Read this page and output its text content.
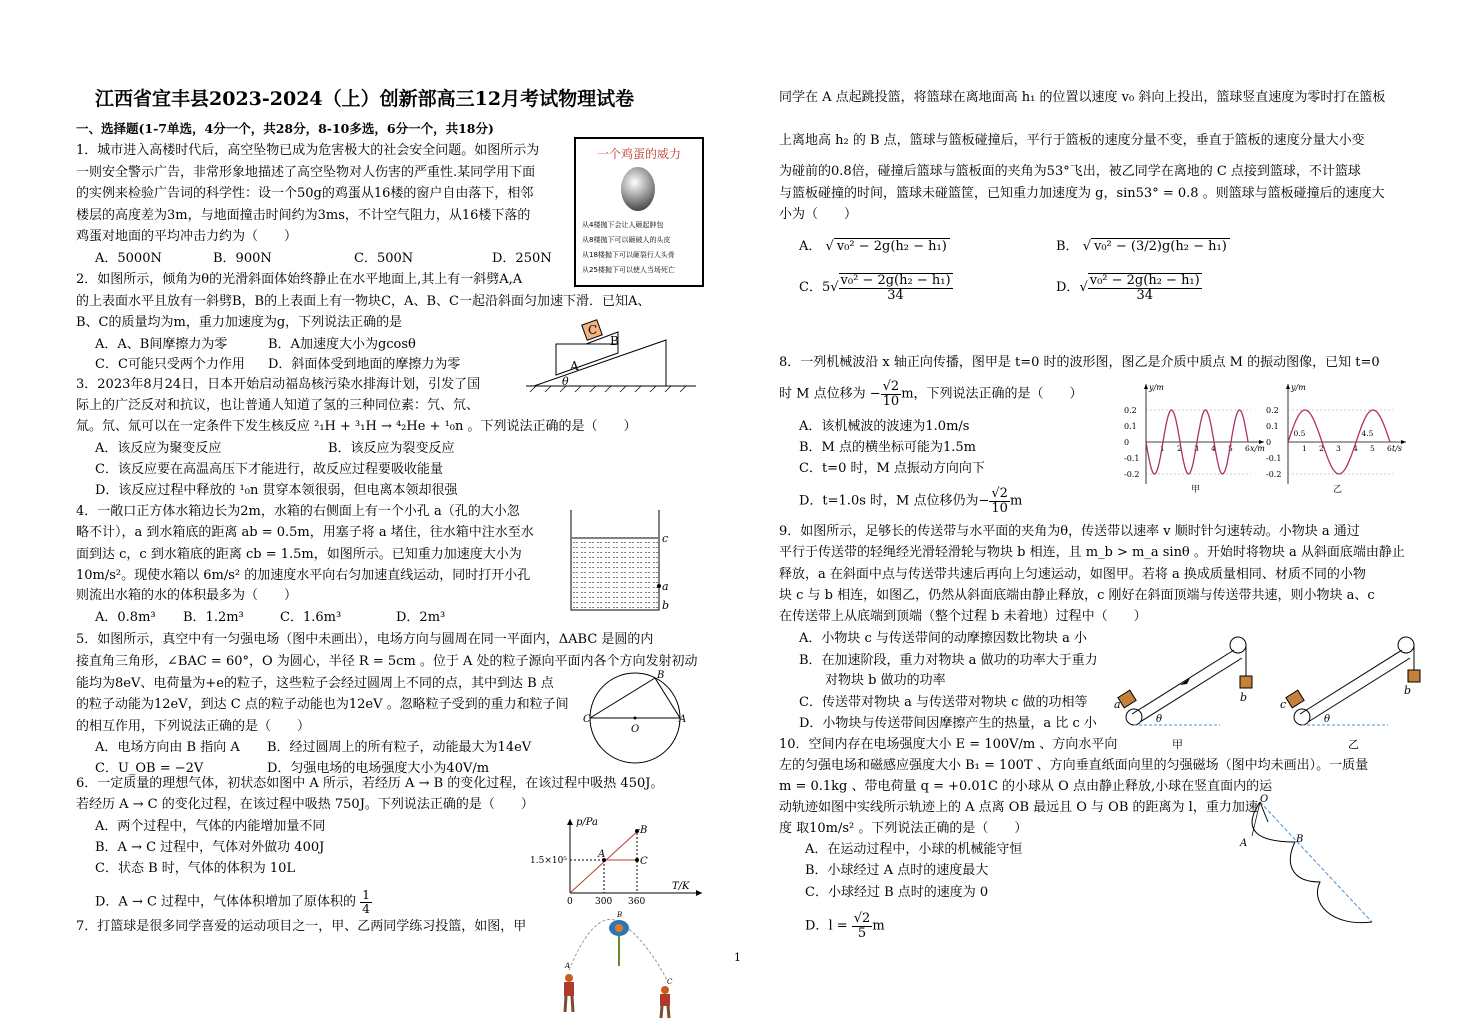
江西省宜丰县2023-2024（上）创新部高三12月考试物理试卷
一、选择题(1-7单选，4分一个，共28分，8-10多选，6分一个，共18分)
1．城市进入高楼时代后，高空坠物已成为危害极大的社会安全问题。如图所示为
一则安全警示广告，非常形象地描述了高空坠物对人伤害的严重性.某同学用下面
的实例来检验广告词的科学性：设一个50g的鸡蛋从16楼的窗户自由落下，相邻
楼层的高度差为3m，与地面撞击时间约为3ms，不计空气阻力，从16楼下落的
鸡蛋对地面的平均冲击力约为（　　）
A．5000N	B．900N	C．500N	D．250N
一个鸡蛋的威力
从4楼抛下会让人砸起肿包
从8楼抛下可以砸破人的头皮
从18楼抛下可以砸裂行人头骨
从25楼抛下可以使人当场死亡
2．如图所示，倾角为θ的光滑斜面体始终静止在水平地面上,其上有一斜劈A,A
的上表面水平且放有一斜劈B，B的上表面上有一物块C，A、B、C一起沿斜面匀加速下滑．已知A、
B、C的质量均为m，重力加速度为g，下列说法正确的是
A．A、B间摩擦力为零	B．A加速度大小为gcosθ
C．C可能只受两个力作用 D．斜面体受到地面的摩擦力为零
C
B
A
θ
3．2023年8月24日，日本开始启动福岛核污染水排海计划，引发了国
际上的广泛反对和抗议，也让普通人知道了氢的三种同位素：氕、氘、
氚。氘、氚可以在一定条件下发生核反应 ²₁H + ³₁H → ⁴₂He + ¹₀n 。下列说法正确的是（　　）
A．该反应为聚变反应	B．该反应为裂变反应
C．该反应要在高温高压下才能进行，故反应过程要吸收能量
D．该反应过程中释放的 ¹₀n 贯穿本领很弱，但电离本领却很强
4．一敞口正方体水箱边长为2m，水箱的右侧面上有一个小孔 a（孔的大小忽
略不计），a 到水箱底的距离 ab = 0.5m，用塞子将 a 堵住，往水箱中注水至水
面到达 c，c 到水箱底的距离 cb = 1.5m，如图所示。已知重力加速度大小为
10m/s²。现使水箱以 6m/s² 的加速度水平向右匀加速直线运动，同时打开小孔
则流出水箱的水的体积最多为（　　）
A．0.8m³ B．1.2m³	C．1.6m³	D．2m³
c
a
b
5．如图所示，真空中有一匀强电场（图中未画出），电场方向与圆周在同一平面内，ΔABC 是圆的内
接直角三角形，∠BAC = 60°，O 为圆心，半径 R = 5cm 。位于 A 处的粒子源向平面内各个方向发射初动
能均为8eV、电荷量为+e的粒子，这些粒子会经过圆周上不同的点，其中到达 B 点
的粒子动能为12eV，到达 C 点的粒子动能也为12eV 。忽略粒子受到的重力和粒子间
的相互作用，下列说法正确的是（　　）
A．电场方向由 B 指向 A B．经过圆周上的所有粒子，动能最大为14eV
C．U_OB = −2V	D．匀强电场的电场强度大小为40V/m
B
C	A
O
6．一定质量的理想气体，初状态如图中 A 所示，若经历 A → B 的变化过程，在该过程中吸热 450J。
若经历 A → C 的变化过程，在该过程中吸热 750J。下列说法正确的是（　　）
A．两个过程中，气体的内能增加量不同
B．A → C 过程中，气体对外做功 400J
C．状态 B 时，气体的体积为 10L
D．A → C 过程中，气体体积增加了原体积的 $\frac{1}{4}$
p/Pa
T/K
1.5×10⁵
0 300 360
A
B
C
7．打篮球是很多同学喜爱的运动项目之一，甲、乙两同学练习投篮，如图，甲
B
A
C
1
同学在 A 点起跳投篮，将篮球在离地面高 h₁ 的位置以速度 v₀ 斜向上投出，篮球竖直速度为零时打在篮板
上离地高 h₂ 的 B 点，篮球与篮板碰撞后，平行于篮板的速度分量不变，垂直于篮板的速度分量大小变
为碰前的0.8倍，碰撞后篮球与篮板面的夹角为53°飞出，被乙同学在离地的 C 点接到篮球，不计篮球
与篮板碰撞的时间，篮球未碰篮筐，已知重力加速度为 g，sin53° = 0.8 。则篮球与篮板碰撞后的速度大
小为（　　）
A． √ v₀² − 2g(h₂ − h₁)	B． √ v₀² − (3/2)g(h₂ − h₁)
C．$5√ \frac{\text{v₀² − 2g(h₂ − h₁)}}{34}$	D．√ $\frac{\text{v₀² − 2g(h₂ − h₁)}}{34}$
8．一列机械波沿 x 轴正向传播，图甲是 t=0 时的波形图，图乙是介质中质点 M 的振动图像，已知 t=0
时 M 点位移为 − $\frac{√2}{10}$ m，下列说法正确的是（　　）
A．该机械波的波速为1.0m/s
B．M 点的横坐标可能为1.5m
C．t=0 时，M 点振动方向向下
D．t=1.0s 时，M 点位移仍为− $\frac{√2}{10}$ m
0.2
0.1
0
-0.1
-0.2
x/m
y/m
1 2 3 4 5 6
甲
0.2
0.1
0
-0.1
-0.2
t/s
y/m
0.5
1 2 3 4
4.5
5 6
乙
9．如图所示，足够长的传送带与水平面的夹角为θ，传送带以速率 v 顺时针匀速转动。小物块 a 通过
平行于传送带的轻绳经光滑轻滑轮与物块 b 相连，且 m_b > m_a sinθ 。开始时将物块 a 从斜面底端由静止
释放，a 在斜面中点与传送带共速后再向上匀速运动，如图甲。若将 a 换成质量相同、材质不同的小物
块 c 与 b 相连，如图乙，仍然从斜面底端由静止释放，c 刚好在斜面顶端与传送带共速，则小物块 a、c
在传送带上从底端到顶端（整个过程 b 未着地）过程中（　　）
A．小物块 c 与传送带间的动摩擦因数比物块 a 小
B．在加速阶段，重力对物块 a 做功的功率大于重力
　　对物块 b 做功的功率
C．传送带对物块 a 与传送带对物块 c 做的功相等
D．小物块与传送带间因摩擦产生的热量，a 比 c 小
a
b
θ
甲
c
b
θ
乙
10．空间内存在电场强度大小 E = 100V/m 、方向水平向
左的匀强电场和磁感应强度大小 B₁ = 100T 、方向垂直纸面向里的匀强磁场（图中均未画出）。一质量
m = 0.1kg 、带电荷量 q = +0.01C 的小球从 O 点由静止释放,小球在竖直面内的运
动轨迹如图中实线所示轨迹上的 A 点离 OB 最远且 O 与 OB 的距离为 l，重力加速
度 取10m/s² 。下列说法正确的是（　　）
A．在运动过程中，小球的机械能守恒
B．小球经过 A 点时的速度最大
C．小球经过 B 点时的速度为 0
D．$l = \frac{√2}{5}$ m
O
B
A
